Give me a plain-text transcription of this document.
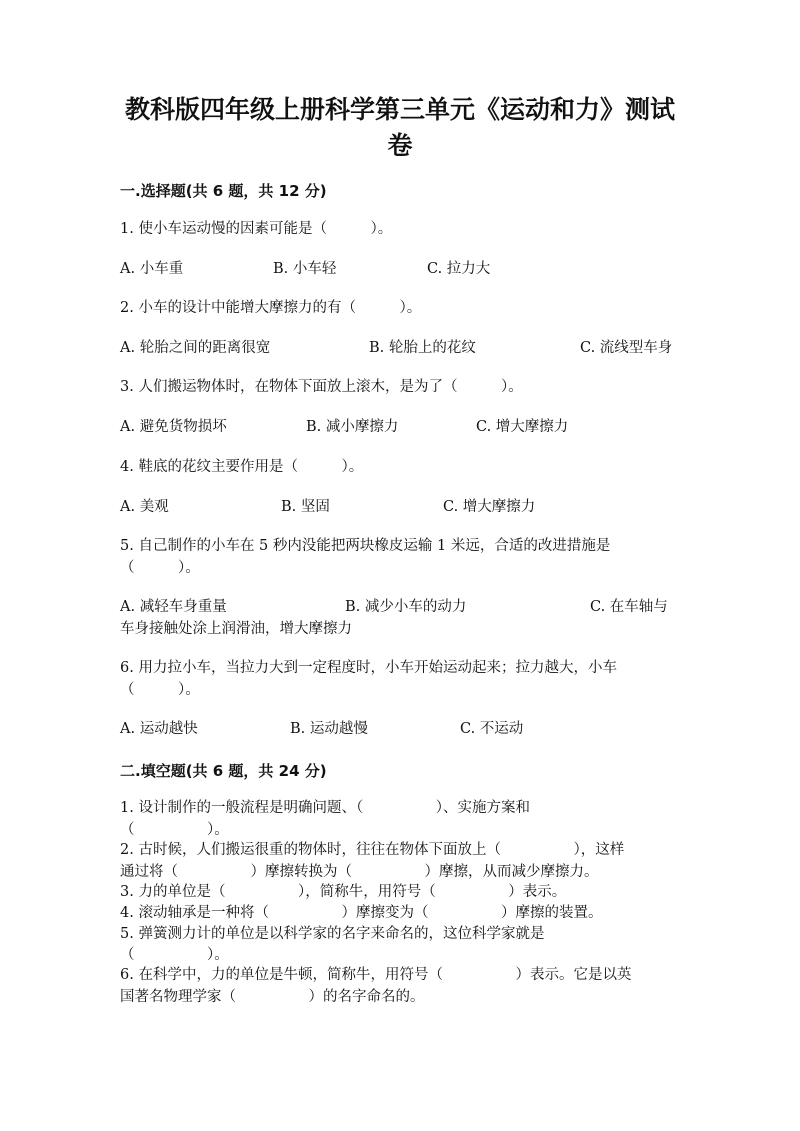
教科版四年级上册科学第三单元《运动和力》测试
卷
一.选择题(共 6 题，共 12 分)
1. 使小车运动慢的因素可能是（　　　）。
A. 小车重	B. 小车轻	C. 拉力大
2. 小车的设计中能增大摩擦力的有（　　　）。
A. 轮胎之间的距离很宽	B. 轮胎上的花纹	C. 流线型车身
3. 人们搬运物体时，在物体下面放上滚木，是为了（　　　）。
A. 避免货物损坏	B. 减小摩擦力	C. 增大摩擦力
4. 鞋底的花纹主要作用是（　　　）。
A. 美观	B. 坚固	C. 增大摩擦力
5. 自己制作的小车在 5 秒内没能把两块橡皮运输 1 米远，合适的改进措施是
（　　　）。
A. 减轻车身重量	B. 减少小车的动力	C. 在车轴与
车身接触处涂上润滑油，增大摩擦力
6. 用力拉小车，当拉力大到一定程度时，小车开始运动起来；拉力越大，小车
（　　　）。
A. 运动越快	B. 运动越慢	C. 不运动
二.填空题(共 6 题，共 24 分)
1. 设计制作的一般流程是明确问题、（　　　　　）、实施方案和
（　　　　　）。
2. 古时候，人们搬运很重的物体时，往往在物体下面放上（　　　　　），这样
通过将（　　　　　）摩擦转换为（　　　　　）摩擦，从而减少摩擦力。
3. 力的单位是（　　　　　），简称牛，用符号（　　　　　）表示。
4. 滚动轴承是一种将（　　　　　）摩擦变为（　　　　　）摩擦的装置。
5. 弹簧测力计的单位是以科学家的名字来命名的，这位科学家就是
（　　　　　）。
6. 在科学中，力的单位是牛顿，简称牛，用符号（　　　　　）表示。它是以英
国著名物理学家（　　　　　）的名字命名的。
